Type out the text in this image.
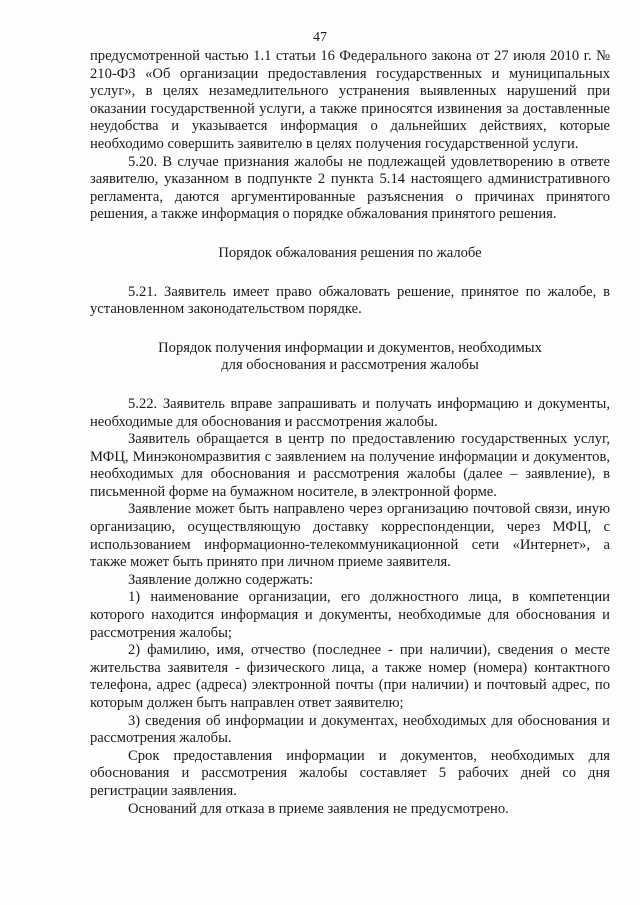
47

предусмотренной частью 1.1 статьи 16 Федерального закона от 27 июля 2010 г. № 210-ФЗ «Об организации предоставления государственных и муниципальных услуг», в целях незамедлительного устранения выявленных нарушений при оказании государственной услуги, а также приносятся извинения за доставленные неудобства и указывается информация о дальнейших действиях, которые необходимо совершить заявителю в целях получения государственной услуги.

5.20. В случае признания жалобы не подлежащей удовлетворению в ответе заявителю, указанном в подпункте 2 пункта 5.14 настоящего административного регламента, даются аргументированные разъяснения о причинах принятого решения, а также информация о порядке обжалования принятого решения.

Порядок обжалования решения по жалобе

5.21. Заявитель имеет право обжаловать решение, принятое по жалобе, в установленном законодательством порядке.

Порядок получения информации и документов, необходимых

для обоснования и рассмотрения жалобы

5.22. Заявитель вправе запрашивать и получать информацию и документы, необходимые для обоснования и рассмотрения жалобы.

Заявитель обращается в центр по предоставлению государственных услуг, МФЦ, Минэкономразвития с заявлением на получение информации и документов, необходимых для обоснования и рассмотрения жалобы (далее – заявление), в письменной форме на бумажном носителе, в электронной форме.

Заявление может быть направлено через организацию почтовой связи, иную организацию, осуществляющую доставку корреспонденции, через МФЦ, с использованием информационно-телекоммуникационной сети «Интернет», а также может быть принято при личном приеме заявителя.

Заявление должно содержать:

1) наименование организации, его должностного лица, в компетенции которого находится информация и документы, необходимые для обоснования и рассмотрения жалобы;

2) фамилию, имя, отчество (последнее - при наличии), сведения о месте жительства заявителя - физического лица, а также номер (номера) контактного телефона, адрес (адреса) электронной почты (при наличии) и почтовый адрес, по которым должен быть направлен ответ заявителю;

3) сведения об информации и документах, необходимых для обоснования и рассмотрения жалобы.

Срок предоставления информации и документов, необходимых для обоснования и рассмотрения жалобы составляет 5 рабочих дней со дня регистрации заявления.

Оснований для отказа в приеме заявления не предусмотрено.
